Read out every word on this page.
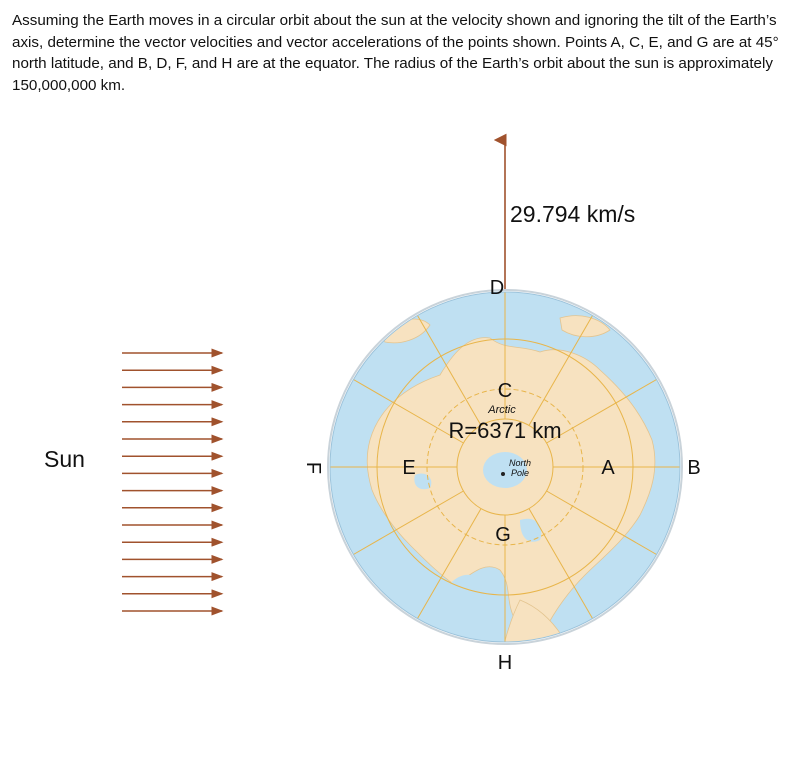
Assuming the Earth moves in a circular orbit about the sun at the velocity shown and ignoring the tilt of the Earth’s axis, determine the vector velocities and vector accelerations of the points shown. Points A, C, E, and G are at 45° north latitude, and B, D, F, and H are at the equator. The radius of the Earth’s orbit about the sun is approximately 150,000,000 km.

Sun
29.794 km/s
Arctic
North
Pole
R=6371 km
A	B
C
D
E
F
G
H
